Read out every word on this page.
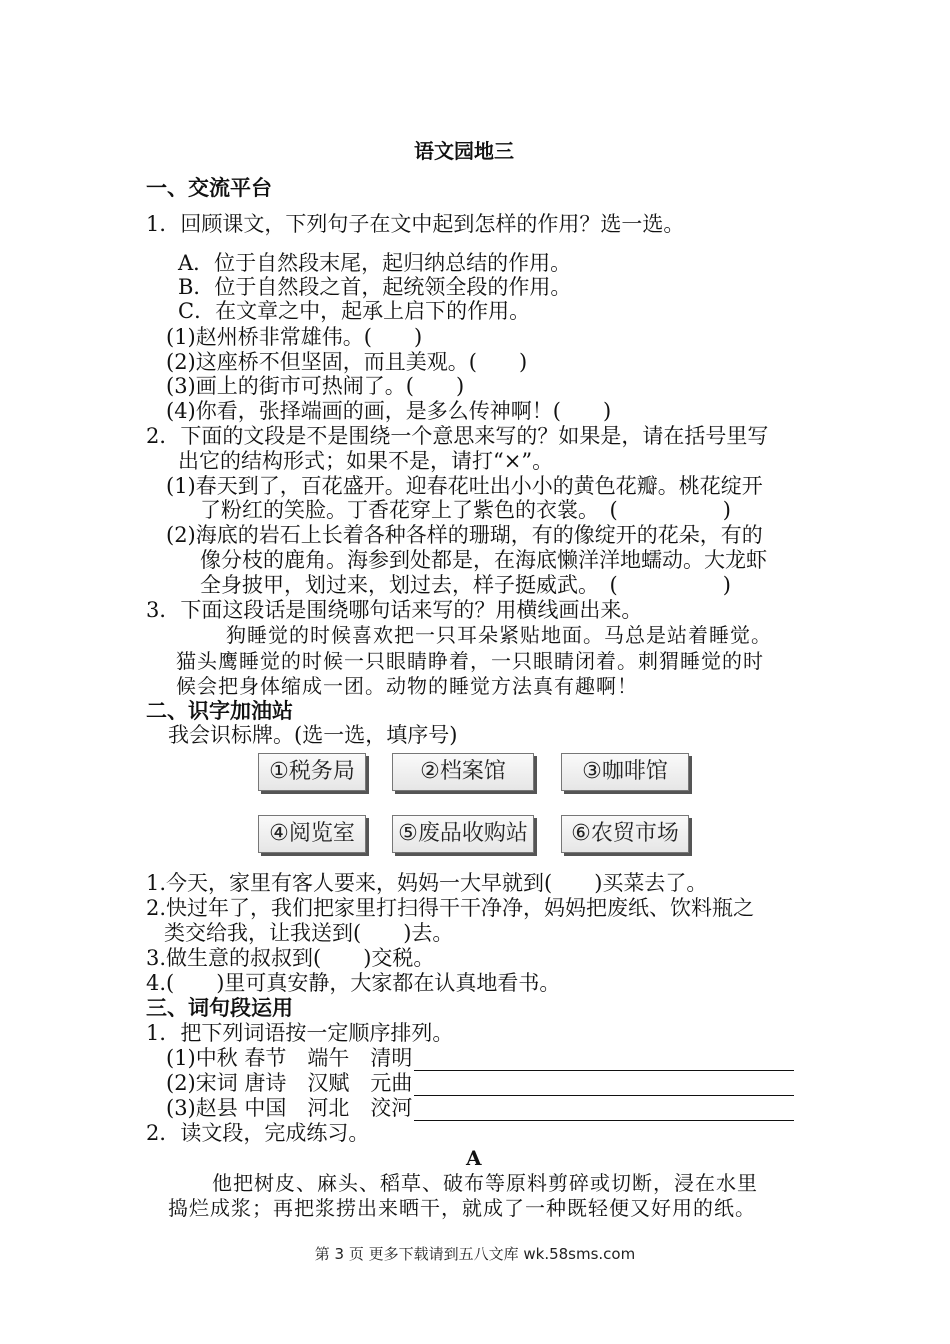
语文园地三
一、交流平台
1．回顾课文，下列句子在文中起到怎样的作用？选一选。
A．位于自然段末尾，起归纳总结的作用。
B．位于自然段之首，起统领全段的作用。
C．在文章之中，起承上启下的作用。
(1)赵州桥非常雄伟。(　　)
(2)这座桥不但坚固，而且美观。(　　)
(3)画上的街市可热闹了。(　　)
(4)你看，张择端画的画，是多么传神啊！(　　)
2．下面的文段是不是围绕一个意思来写的？如果是，请在括号里写
出它的结构形式；如果不是，请打“×”。
(1)春天到了，百花盛开。迎春花吐出小小的黄色花瓣。桃花绽开
了粉红的笑脸。丁香花穿上了紫色的衣裳。　(　　　　　)
(2)海底的岩石上长着各种各样的珊瑚，有的像绽开的花朵，有的
像分枝的鹿角。海参到处都是，在海底懒洋洋地蠕动。大龙虾
全身披甲，划过来，划过去，样子挺威武。　(　　　　　)
3．下面这段话是围绕哪句话来写的？用横线画出来。
狗睡觉的时候喜欢把一只耳朵紧贴地面。马总是站着睡觉。
猫头鹰睡觉的时候一只眼睛睁着，一只眼睛闭着。刺猬睡觉的时
候会把身体缩成一团。动物的睡觉方法真有趣啊！
二、识字加油站
我会识标牌。(选一选，填序号)
①税务局	②档案馆	③咖啡馆
④阅览室	⑤废品收购站	⑥农贸市场
1.今天，家里有客人要来，妈妈一大早就到(　　)买菜去了。
2.快过年了，我们把家里打扫得干干净净，妈妈把废纸、饮料瓶之
类交给我，让我送到(　　)去。
3.做生意的叔叔到(　　)交税。
4.(　　)里可真安静，大家都在认真地看书。
三、词句段运用
1．把下列词语按一定顺序排列。
(1)中秋 春节　端午　清明
(2)宋词 唐诗　汉赋　元曲
(3)赵县 中国　河北　洨河
2．读文段，完成练习。
A
他把树皮、麻头、稻草、破布等原料剪碎或切断，浸在水里
捣烂成浆；再把浆捞出来晒干，就成了一种既轻便又好用的纸。
第 3 页 更多下载请到五八文库 wk.58sms.com
